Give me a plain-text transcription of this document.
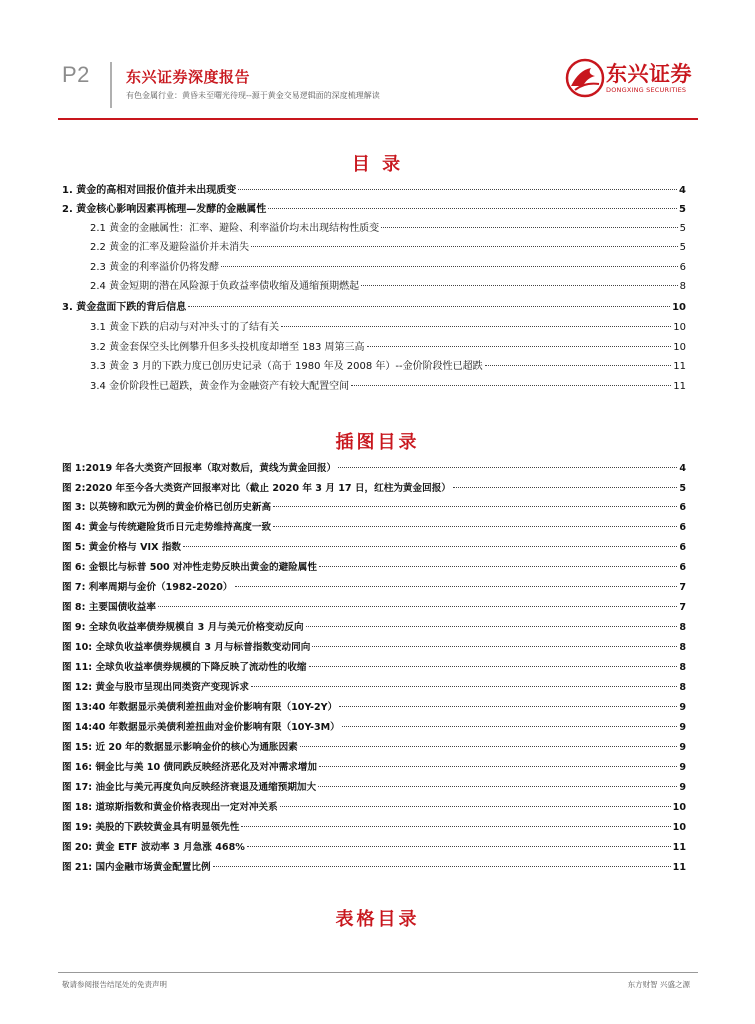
P2 东兴证券深度报告
有色金属行业：黄昏未至曙光待现--源于黄金交易逻辑面的深度梳理解读
东兴证券
DONGXING SECURITIES
目 录
1. 黄金的高相对回报价值并未出现质变	4
2. 黄金核心影响因素再梳理—发酵的金融属性	5
2.1 黄金的金融属性：汇率、避险、利率溢价均未出现结构性质变	5
2.2 黄金的汇率及避险溢价并未消失	5
2.3 黄金的利率溢价仍将发酵	6
2.4 黄金短期的潜在风险源于负政益率债收缩及通缩预期燃起	8
3. 黄金盘面下跌的背后信息	10
3.1 黄金下跌的启动与对冲头寸的了结有关	10
3.2 黄金套保空头比例攀升但多头投机度却增至 183 周第三高	10
3.3 黄金 3 月的下跌力度已创历史记录（高于 1980 年及 2008 年）--金价阶段性已超跌	11
3.4 金价阶段性已超跌，黄金作为金融资产有较大配置空间	11
插图目录
图 1:2019 年各大类资产回报率（取对数后，黄线为黄金回报）	4
图 2:2020 年至今各大类资产回报率对比（截止 2020 年 3 月 17 日，红柱为黄金回报）	5
图 3: 以英镑和欧元为例的黄金价格已创历史新高	6
图 4: 黄金与传统避险货币日元走势维持高度一致	6
图 5: 黄金价格与 VIX 指数	6
图 6: 金银比与标普 500 对冲性走势反映出黄金的避险属性	6
图 7: 利率周期与金价（1982-2020）	7
图 8: 主要国债收益率	7
图 9: 全球负收益率债券规模自 3 月与美元价格变动反向	8
图 10: 全球负收益率债券规模自 3 月与标普指数变动同向	8
图 11: 全球负收益率债券规模的下降反映了流动性的收缩	8
图 12: 黄金与股市呈现出同类资产变现诉求	8
图 13:40 年数据显示美债利差扭曲对金价影响有限（10Y-2Y）	9
图 14:40 年数据显示美债利差扭曲对金价影响有限（10Y-3M）	9
图 15: 近 20 年的数据显示影响金价的核心为通胀因素	9
图 16: 铜金比与美 10 债同跌反映经济恶化及对冲需求增加	9
图 17: 油金比与美元再度负向反映经济衰退及通缩预期加大	9
图 18: 道琼斯指数和黄金价格表现出一定对冲关系	10
图 19: 美股的下跌较黄金具有明显领先性	10
图 20: 黄金 ETF 波动率 3 月急涨 468%	11
图 21: 国内金融市场黄金配置比例	11
表格目录
敬请参阅报告结尾处的免责声明	东方财智 兴盛之源
